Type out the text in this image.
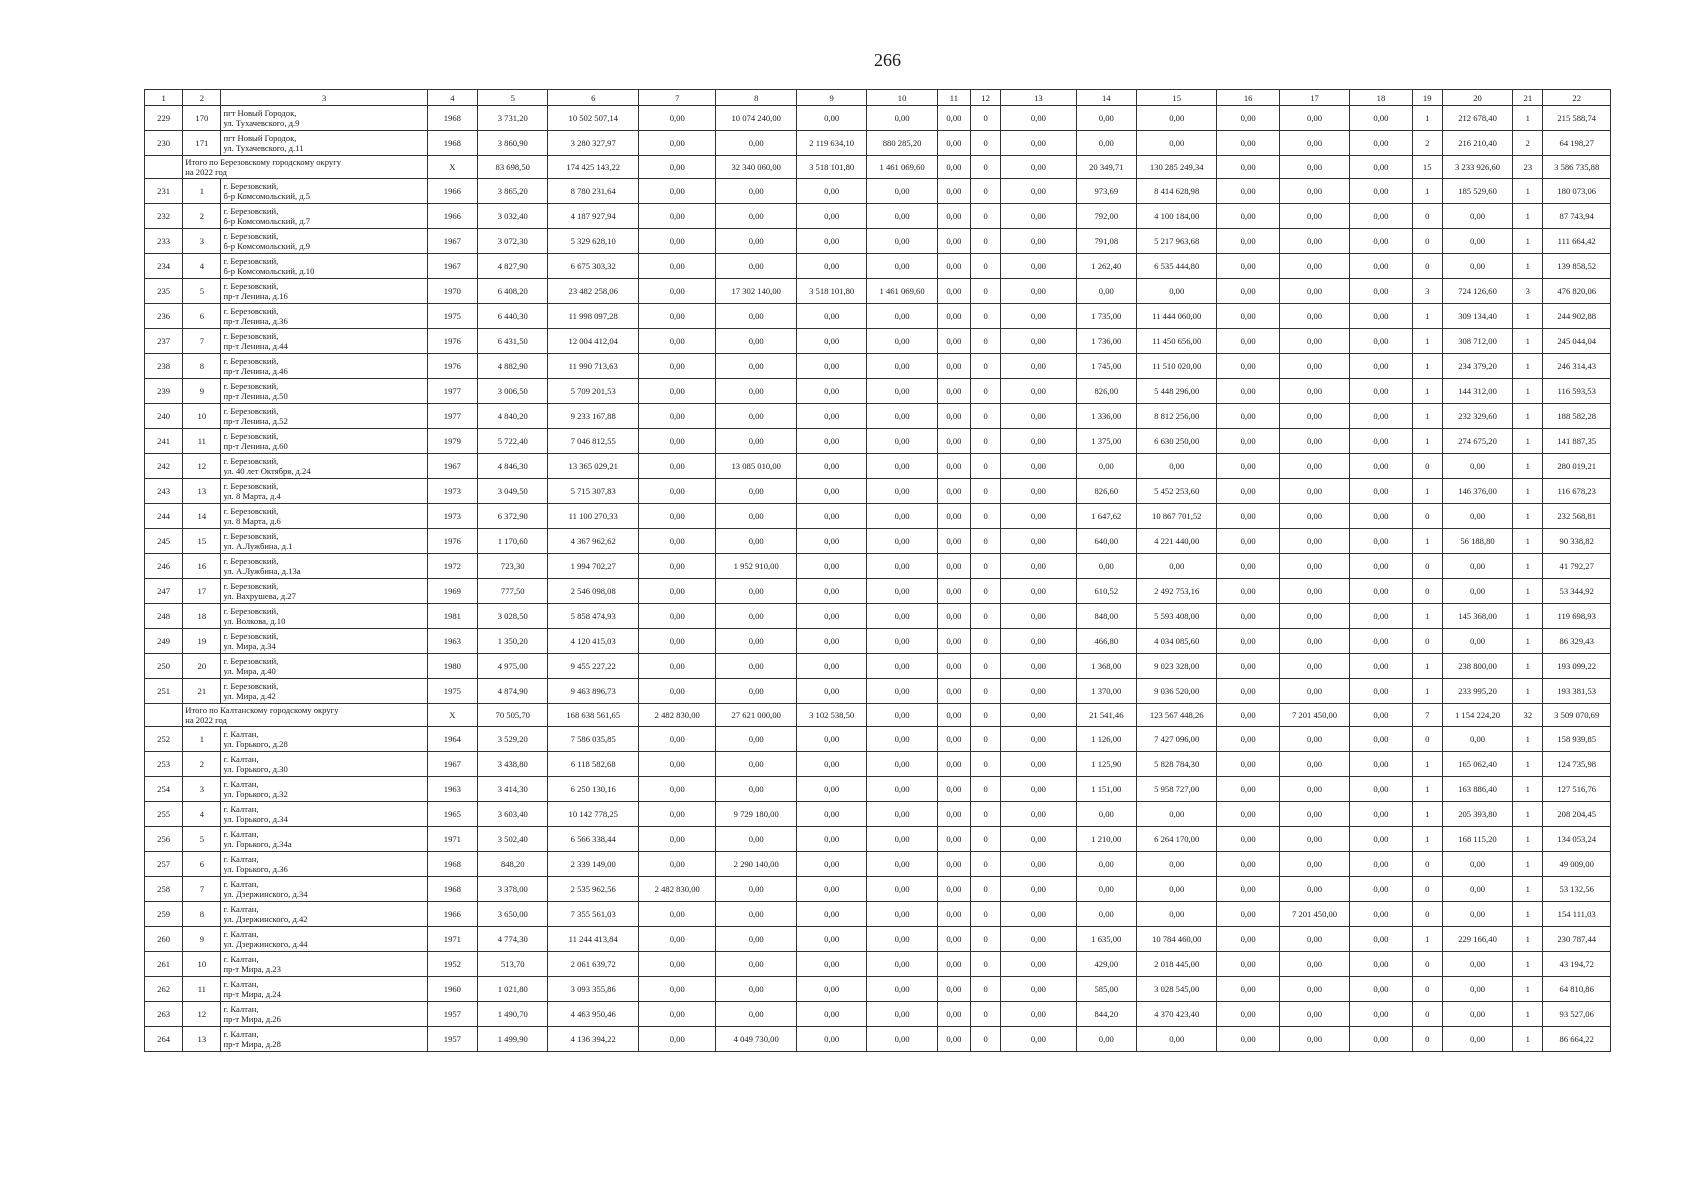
266
1	2	3	4	5	6	7	8	9	10	11	12	13	14	15	16	17	18	19	20	21	22
229	170	пгт Новый Городок,
ул. Тухачевского, д.9	1968	3 731,20	10 502 507,14	0,00	10 074 240,00	0,00	0,00	0,00	0	0,00	0,00	0,00	0,00	0,00	0,00	1	212 678,40	1	215 588,74
230	171	пгт Новый Городок,
ул. Тухачевского, д.11	1968	3 860,90	3 280 327,97	0,00	0,00	2 119 634,10	880 285,20	0,00	0	0,00	0,00	0,00	0,00	0,00	0,00	2	216 210,40	2	64 198,27
	Итого по Березовскому городскому округу
на 2022 год		X	83 698,50	174 425 143,22	0,00	32 340 060,00	3 518 101,80	1 461 069,60	0,00	0	0,00	20 349,71	130 285 249,34	0,00	0,00	0,00	15	3 233 926,60	23	3 586 735,88
231	1	г. Березовский,
б-р Комсомольский, д.5	1966	3 865,20	8 780 231,64	0,00	0,00	0,00	0,00	0,00	0	0,00	973,69	8 414 628,98	0,00	0,00	0,00	1	185 529,60	1	180 073,06
232	2	г. Березовский,
б-р Комсомольский, д.7	1966	3 032,40	4 187 927,94	0,00	0,00	0,00	0,00	0,00	0	0,00	792,00	4 100 184,00	0,00	0,00	0,00	0	0,00	1	87 743,94
233	3	г. Березовский,
б-р Комсомольский, д.9	1967	3 072,30	5 329 628,10	0,00	0,00	0,00	0,00	0,00	0	0,00	791,08	5 217 963,68	0,00	0,00	0,00	0	0,00	1	111 664,42
234	4	г. Березовский,
б-р Комсомольский, д.10	1967	4 827,90	6 675 303,32	0,00	0,00	0,00	0,00	0,00	0	0,00	1 262,40	6 535 444,80	0,00	0,00	0,00	0	0,00	1	139 858,52
235	5	г. Березовский,
пр-т Ленина, д.16	1970	6 408,20	23 482 258,06	0,00	17 302 140,00	3 518 101,80	1 461 069,60	0,00	0	0,00	0,00	0,00	0,00	0,00	0,00	3	724 126,60	3	476 820,06
236	6	г. Березовский,
пр-т Ленина, д.36	1975	6 440,30	11 998 097,28	0,00	0,00	0,00	0,00	0,00	0	0,00	1 735,00	11 444 060,00	0,00	0,00	0,00	1	309 134,40	1	244 902,88
237	7	г. Березовский,
пр-т Ленина, д.44	1976	6 431,50	12 004 412,04	0,00	0,00	0,00	0,00	0,00	0	0,00	1 736,00	11 450 656,00	0,00	0,00	0,00	1	308 712,00	1	245 044,04
238	8	г. Березовский,
пр-т Ленина, д.46	1976	4 882,90	11 990 713,63	0,00	0,00	0,00	0,00	0,00	0	0,00	1 745,00	11 510 020,00	0,00	0,00	0,00	1	234 379,20	1	246 314,43
239	9	г. Березовский,
пр-т Ленина, д.50	1977	3 006,50	5 709 201,53	0,00	0,00	0,00	0,00	0,00	0	0,00	826,00	5 448 296,00	0,00	0,00	0,00	1	144 312,00	1	116 593,53
240	10	г. Березовский,
пр-т Ленина, д.52	1977	4 840,20	9 233 167,88	0,00	0,00	0,00	0,00	0,00	0	0,00	1 336,00	8 812 256,00	0,00	0,00	0,00	1	232 329,60	1	188 582,28
241	11	г. Березовский,
пр-т Ленина, д.60	1979	5 722,40	7 046 812,55	0,00	0,00	0,00	0,00	0,00	0	0,00	1 375,00	6 630 250,00	0,00	0,00	0,00	1	274 675,20	1	141 887,35
242	12	г. Березовский,
ул. 40 лет Октября, д.24	1967	4 846,30	13 365 029,21	0,00	13 085 010,00	0,00	0,00	0,00	0	0,00	0,00	0,00	0,00	0,00	0,00	0	0,00	1	280 019,21
243	13	г. Березовский,
ул. 8 Марта, д.4	1973	3 049,50	5 715 307,83	0,00	0,00	0,00	0,00	0,00	0	0,00	826,60	5 452 253,60	0,00	0,00	0,00	1	146 376,00	1	116 678,23
244	14	г. Березовский,
ул. 8 Марта, д.6	1973	6 372,90	11 100 270,33	0,00	0,00	0,00	0,00	0,00	0	0,00	1 647,62	10 867 701,52	0,00	0,00	0,00	0	0,00	1	232 568,81
245	15	г. Березовский,
ул. А.Лужбина, д.1	1976	1 170,60	4 367 962,62	0,00	0,00	0,00	0,00	0,00	0	0,00	640,00	4 221 440,00	0,00	0,00	0,00	1	56 188,80	1	90 338,82
246	16	г. Березовский,
ул. А.Лужбина, д.13а	1972	723,30	1 994 702,27	0,00	1 952 910,00	0,00	0,00	0,00	0	0,00	0,00	0,00	0,00	0,00	0,00	0	0,00	1	41 792,27
247	17	г. Березовский,
ул. Вахрушева, д.27	1969	777,50	2 546 098,08	0,00	0,00	0,00	0,00	0,00	0	0,00	610,52	2 492 753,16	0,00	0,00	0,00	0	0,00	1	53 344,92
248	18	г. Березовский,
ул. Волкова, д.10	1981	3 028,50	5 858 474,93	0,00	0,00	0,00	0,00	0,00	0	0,00	848,00	5 593 408,00	0,00	0,00	0,00	1	145 368,00	1	119 698,93
249	19	г. Березовский,
ул. Мира, д.34	1963	1 350,20	4 120 415,03	0,00	0,00	0,00	0,00	0,00	0	0,00	466,80	4 034 085,60	0,00	0,00	0,00	0	0,00	1	86 329,43
250	20	г. Березовский,
ул. Мира, д.40	1980	4 975,00	9 455 227,22	0,00	0,00	0,00	0,00	0,00	0	0,00	1 368,00	9 023 328,00	0,00	0,00	0,00	1	238 800,00	1	193 099,22
251	21	г. Березовский,
ул. Мира, д.42	1975	4 874,90	9 463 896,73	0,00	0,00	0,00	0,00	0,00	0	0,00	1 370,00	9 036 520,00	0,00	0,00	0,00	1	233 995,20	1	193 381,53
	Итого по Калтанскому городскому округу
на 2022 год		X	70 505,70	168 638 561,65	2 482 830,00	27 621 000,00	3 102 538,50	0,00	0,00	0	0,00	21 541,46	123 567 448,26	0,00	7 201 450,00	0,00	7	1 154 224,20	32	3 509 070,69
252	1	г. Калтан,
ул. Горького, д.28	1964	3 529,20	7 586 035,85	0,00	0,00	0,00	0,00	0,00	0	0,00	1 126,00	7 427 096,00	0,00	0,00	0,00	0	0,00	1	158 939,85
253	2	г. Калтан,
ул. Горького, д.30	1967	3 438,80	6 118 582,68	0,00	0,00	0,00	0,00	0,00	0	0,00	1 125,90	5 828 784,30	0,00	0,00	0,00	1	165 062,40	1	124 735,98
254	3	г. Калтан,
ул. Горького, д.32	1963	3 414,30	6 250 130,16	0,00	0,00	0,00	0,00	0,00	0	0,00	1 151,00	5 958 727,00	0,00	0,00	0,00	1	163 886,40	1	127 516,76
255	4	г. Калтан,
ул. Горького, д.34	1965	3 603,40	10 142 778,25	0,00	9 729 180,00	0,00	0,00	0,00	0	0,00	0,00	0,00	0,00	0,00	0,00	1	205 393,80	1	208 204,45
256	5	г. Калтан,
ул. Горького, д.34а	1971	3 502,40	6 566 338,44	0,00	0,00	0,00	0,00	0,00	0	0,00	1 210,00	6 264 170,00	0,00	0,00	0,00	1	168 115,20	1	134 053,24
257	6	г. Калтан,
ул. Горького, д.36	1968	848,20	2 339 149,00	0,00	2 290 140,00	0,00	0,00	0,00	0	0,00	0,00	0,00	0,00	0,00	0,00	0	0,00	1	49 009,00
258	7	г. Калтан,
ул. Дзержинского, д.34	1968	3 378,00	2 535 962,56	2 482 830,00	0,00	0,00	0,00	0,00	0	0,00	0,00	0,00	0,00	0,00	0,00	0	0,00	1	53 132,56
259	8	г. Калтан,
ул. Дзержинского, д.42	1966	3 650,00	7 355 561,03	0,00	0,00	0,00	0,00	0,00	0	0,00	0,00	0,00	0,00	7 201 450,00	0,00	0	0,00	1	154 111,03
260	9	г. Калтан,
ул. Дзержинского, д.44	1971	4 774,30	11 244 413,84	0,00	0,00	0,00	0,00	0,00	0	0,00	1 635,00	10 784 460,00	0,00	0,00	0,00	1	229 166,40	1	230 787,44
261	10	г. Калтан,
пр-т Мира, д.23	1952	513,70	2 061 639,72	0,00	0,00	0,00	0,00	0,00	0	0,00	429,00	2 018 445,00	0,00	0,00	0,00	0	0,00	1	43 194,72
262	11	г. Калтан,
пр-т Мира, д.24	1960	1 021,80	3 093 355,86	0,00	0,00	0,00	0,00	0,00	0	0,00	585,00	3 028 545,00	0,00	0,00	0,00	0	0,00	1	64 810,86
263	12	г. Калтан,
пр-т Мира, д.26	1957	1 490,70	4 463 950,46	0,00	0,00	0,00	0,00	0,00	0	0,00	844,20	4 370 423,40	0,00	0,00	0,00	0	0,00	1	93 527,06
264	13	г. Калтан,
пр-т Мира, д.28	1957	1 499,90	4 136 394,22	0,00	4 049 730,00	0,00	0,00	0,00	0	0,00	0,00	0,00	0,00	0,00	0,00	0	0,00	1	86 664,22
